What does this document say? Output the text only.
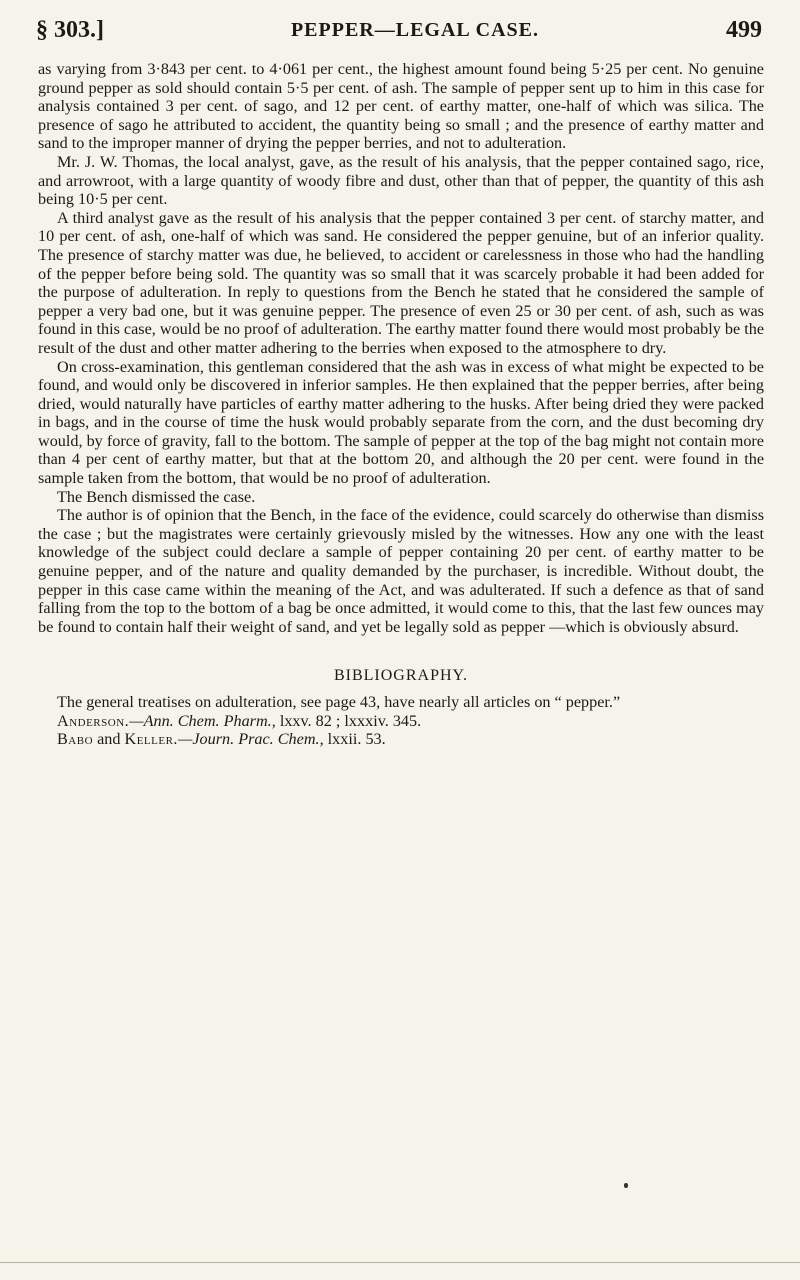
§ 303.]	PEPPER—LEGAL CASE.	499

as varying from 3·843 per cent. to 4·061 per cent., the highest amount found being 5·25 per cent. No genuine ground pepper as sold should contain 5·5 per cent. of ash. The sample of pepper sent up to him in this case for analysis contained 3 per cent. of sago, and 12 per cent. of earthy matter, one-half of which was silica. The presence of sago he attributed to accident, the quantity being so small ; and the presence of earthy matter and sand to the improper manner of drying the pepper berries, and not to adulteration.

Mr. J. W. Thomas, the local analyst, gave, as the result of his analysis, that the pepper contained sago, rice, and arrowroot, with a large quantity of woody fibre and dust, other than that of pepper, the quantity of this ash being 10·5 per cent.

A third analyst gave as the result of his analysis that the pepper contained 3 per cent. of starchy matter, and 10 per cent. of ash, one-half of which was sand. He considered the pepper genuine, but of an inferior quality. The presence of starchy matter was due, he believed, to accident or carelessness in those who had the handling of the pepper before being sold. The quantity was so small that it was scarcely probable it had been added for the purpose of adulteration. In reply to questions from the Bench he stated that he considered the sample of pepper a very bad one, but it was genuine pepper. The presence of even 25 or 30 per cent. of ash, such as was found in this case, would be no proof of adulteration. The earthy matter found there would most probably be the result of the dust and other matter adhering to the berries when exposed to the atmosphere to dry.

On cross-examination, this gentleman considered that the ash was in excess of what might be expected to be found, and would only be discovered in inferior samples. He then explained that the pepper berries, after being dried, would naturally have particles of earthy matter adhering to the husks. After being dried they were packed in bags, and in the course of time the husk would probably separate from the corn, and the dust becoming dry would, by force of gravity, fall to the bottom. The sample of pepper at the top of the bag might not contain more than 4 per cent of earthy matter, but that at the bottom 20, and although the 20 per cent. were found in the sample taken from the bottom, that would be no proof of adulteration.

The Bench dismissed the case.

The author is of opinion that the Bench, in the face of the evidence, could scarcely do otherwise than dismiss the case ; but the magistrates were certainly grievously misled by the witnesses. How any one with the least knowledge of the subject could declare a sample of pepper containing 20 per cent. of earthy matter to be genuine pepper, and of the nature and quality demanded by the purchaser, is incredible. Without doubt, the pepper in this case came within the meaning of the Act, and was adulterated. If such a defence as that of sand falling from the top to the bottom of a bag be once admitted, it would come to this, that the last few ounces may be found to contain half their weight of sand, and yet be legally sold as pepper —which is obviously absurd.

BIBLIOGRAPHY.

The general treatises on adulteration, see page 43, have nearly all articles on “ pepper.”

Anderson.—Ann. Chem. Pharm., lxxv. 82 ; lxxxiv. 345.

Babo and Keller.—Journ. Prac. Chem., lxxii. 53.
